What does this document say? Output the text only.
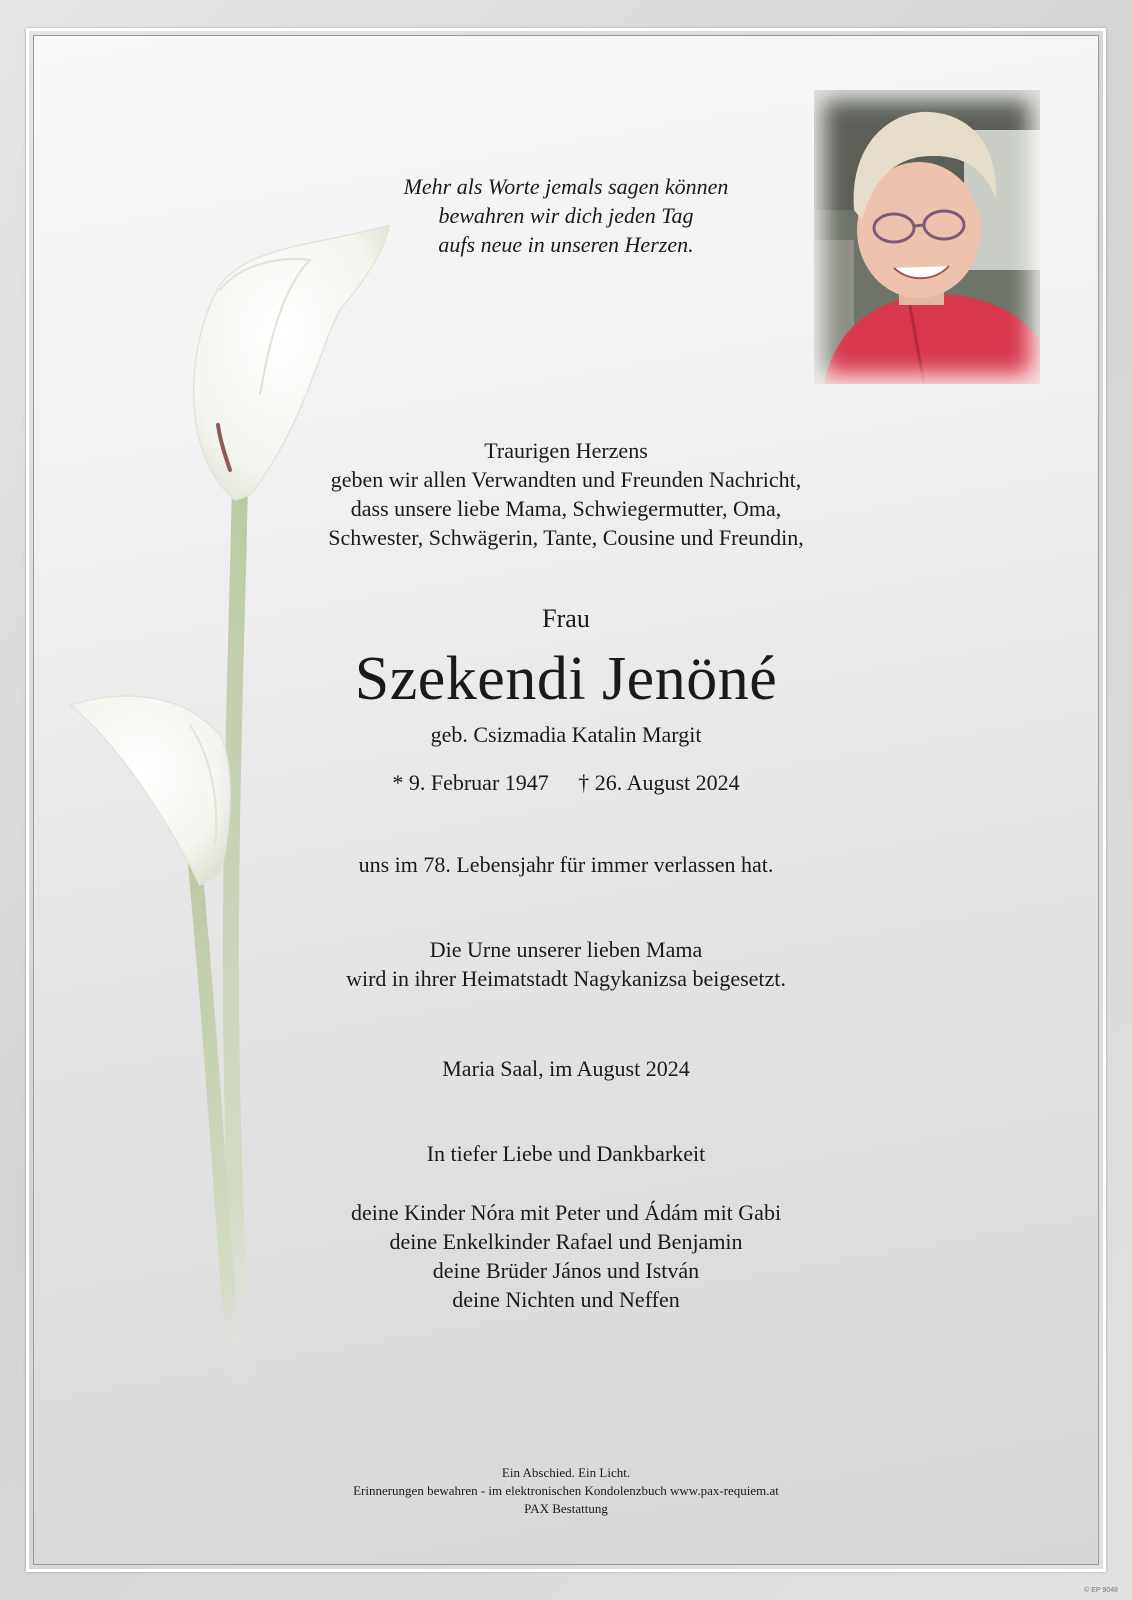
Mehr als Worte jemals sagen können
bewahren wir dich jeden Tag
aufs neue in unseren Herzen.
Traurigen Herzens
geben wir allen Verwandten und Freunden Nachricht,
dass unsere liebe Mama, Schwiegermutter, Oma,
Schwester, Schwägerin, Tante, Cousine und Freundin,
Frau
Szekendi Jenöné
geb. Csizmadia Katalin Margit
* 9. Februar 1947 † 26. August 2024
uns im 78. Lebensjahr für immer verlassen hat.
Die Urne unserer lieben Mama
wird in ihrer Heimatstadt Nagykanizsa beigesetzt.
Maria Saal, im August 2024
In tiefer Liebe und Dankbarkeit
deine Kinder Nóra mit Peter und Ádám mit Gabi
deine Enkelkinder Rafael und Benjamin
deine Brüder János und István
deine Nichten und Neffen
Ein Abschied. Ein Licht.
Erinnerungen bewahren - im elektronischen Kondolenzbuch www.pax-requiem.at
PAX Bestattung
© EP 9048
